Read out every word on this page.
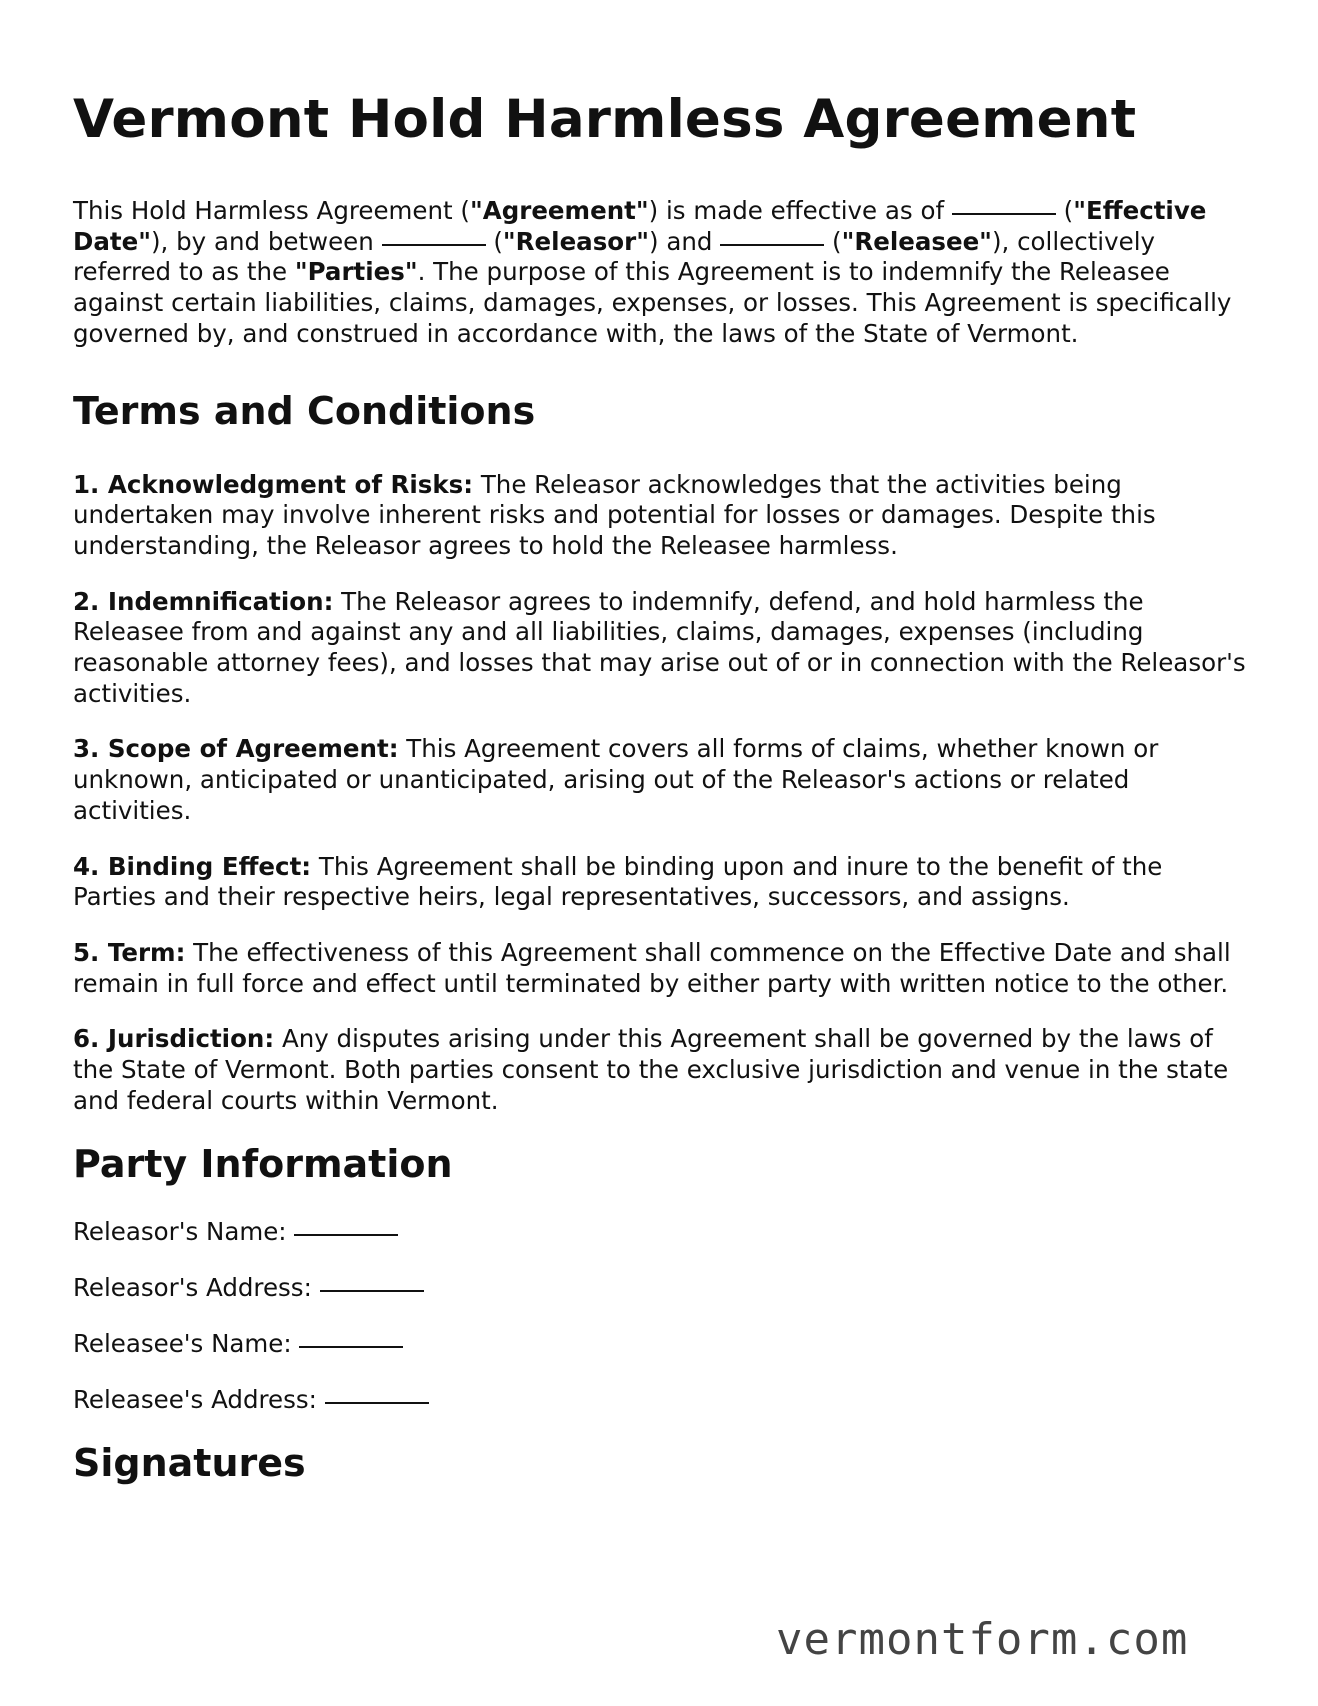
Vermont Hold Harmless Agreement

This Hold Harmless Agreement ("Agreement") is made effective as of	("Effective Date"), by and between	("Releasor") and	("Releasee"), collectively referred to as the "Parties". The purpose of this Agreement is to indemnify the Releasee against certain liabilities, claims, damages, expenses, or losses. This Agreement is specifically governed by, and construed in accordance with, the laws of the State of Vermont.

Terms and Conditions

1. Acknowledgment of Risks: The Releasor acknowledges that the activities being undertaken may involve inherent risks and potential for losses or damages. Despite this understanding, the Releasor agrees to hold the Releasee harmless.

2. Indemnification: The Releasor agrees to indemnify, defend, and hold harmless the Releasee from and against any and all liabilities, claims, damages, expenses (including reasonable attorney fees), and losses that may arise out of or in connection with the Releasor's activities.

3. Scope of Agreement: This Agreement covers all forms of claims, whether known or unknown, anticipated or unanticipated, arising out of the Releasor's actions or related activities.

4. Binding Effect: This Agreement shall be binding upon and inure to the benefit of the Parties and their respective heirs, legal representatives, successors, and assigns.

5. Term: The effectiveness of this Agreement shall commence on the Effective Date and shall remain in full force and effect until terminated by either party with written notice to the other.

6. Jurisdiction: Any disputes arising under this Agreement shall be governed by the laws of the State of Vermont. Both parties consent to the exclusive jurisdiction and venue in the state and federal courts within Vermont.

Party Information

Releasor's Name:

Releasor's Address:

Releasee's Name:

Releasee's Address:

Signatures
vermontform.com
